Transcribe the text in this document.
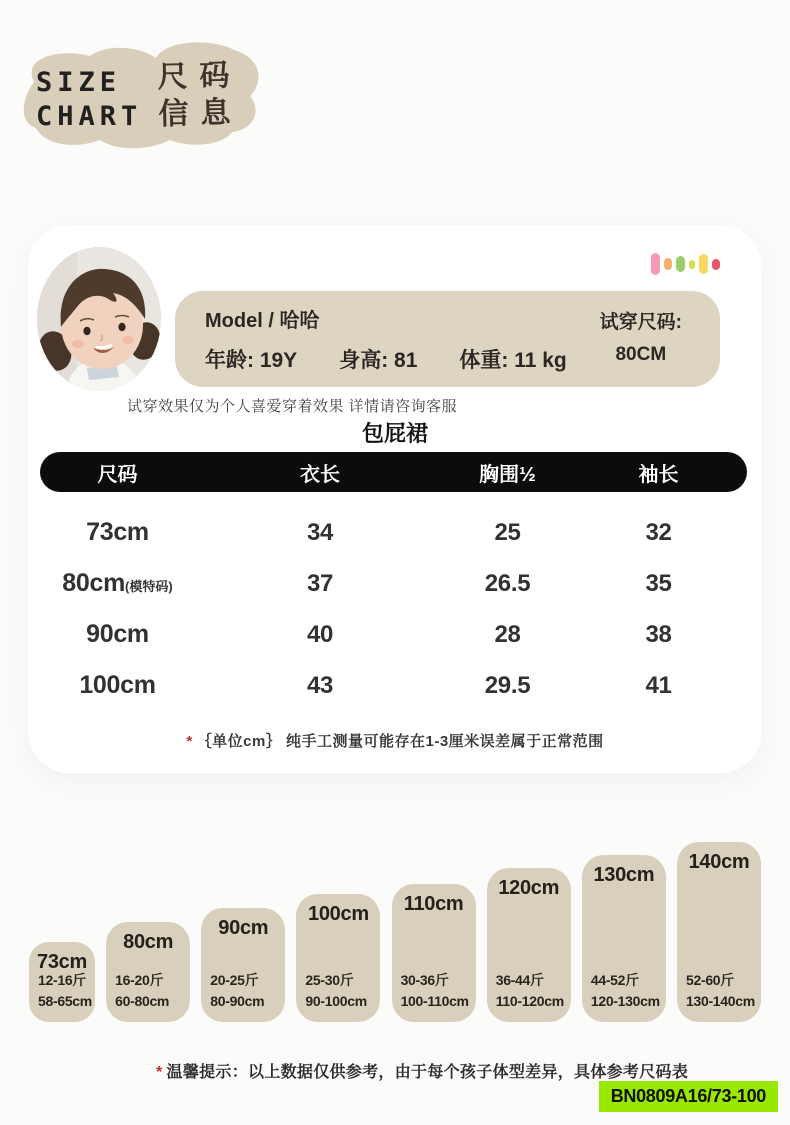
SIZE
CHART
尺码
信息
Model / 哈哈
年龄: 19Y 身高: 81 体重: 11 kg
试穿尺码:
80CM
试穿效果仅为个人喜爱穿着效果 详情请咨询客服
包屁裙
尺码	衣长	胸围½	袖长
73cm	34	25	32
80cm(模特码)	37	26.5	35
90cm	40	28	38
100cm	43	29.5	41
* ｛单位cm｝ 纯手工测量可能存在1-3厘米误差属于正常范围
73cm
12-16斤
58-65cm
80cm
16-20斤
60-80cm
90cm
20-25斤
80-90cm
100cm
25-30斤
90-100cm
110cm
30-36斤
100-110cm
120cm
36-44斤
110-120cm
130cm
44-52斤
120-130cm
140cm
52-60斤
130-140cm
* 温馨提示：以上数据仅供参考，由于每个孩子体型差异，具体参考尺码表
BN0809A16/73-100
